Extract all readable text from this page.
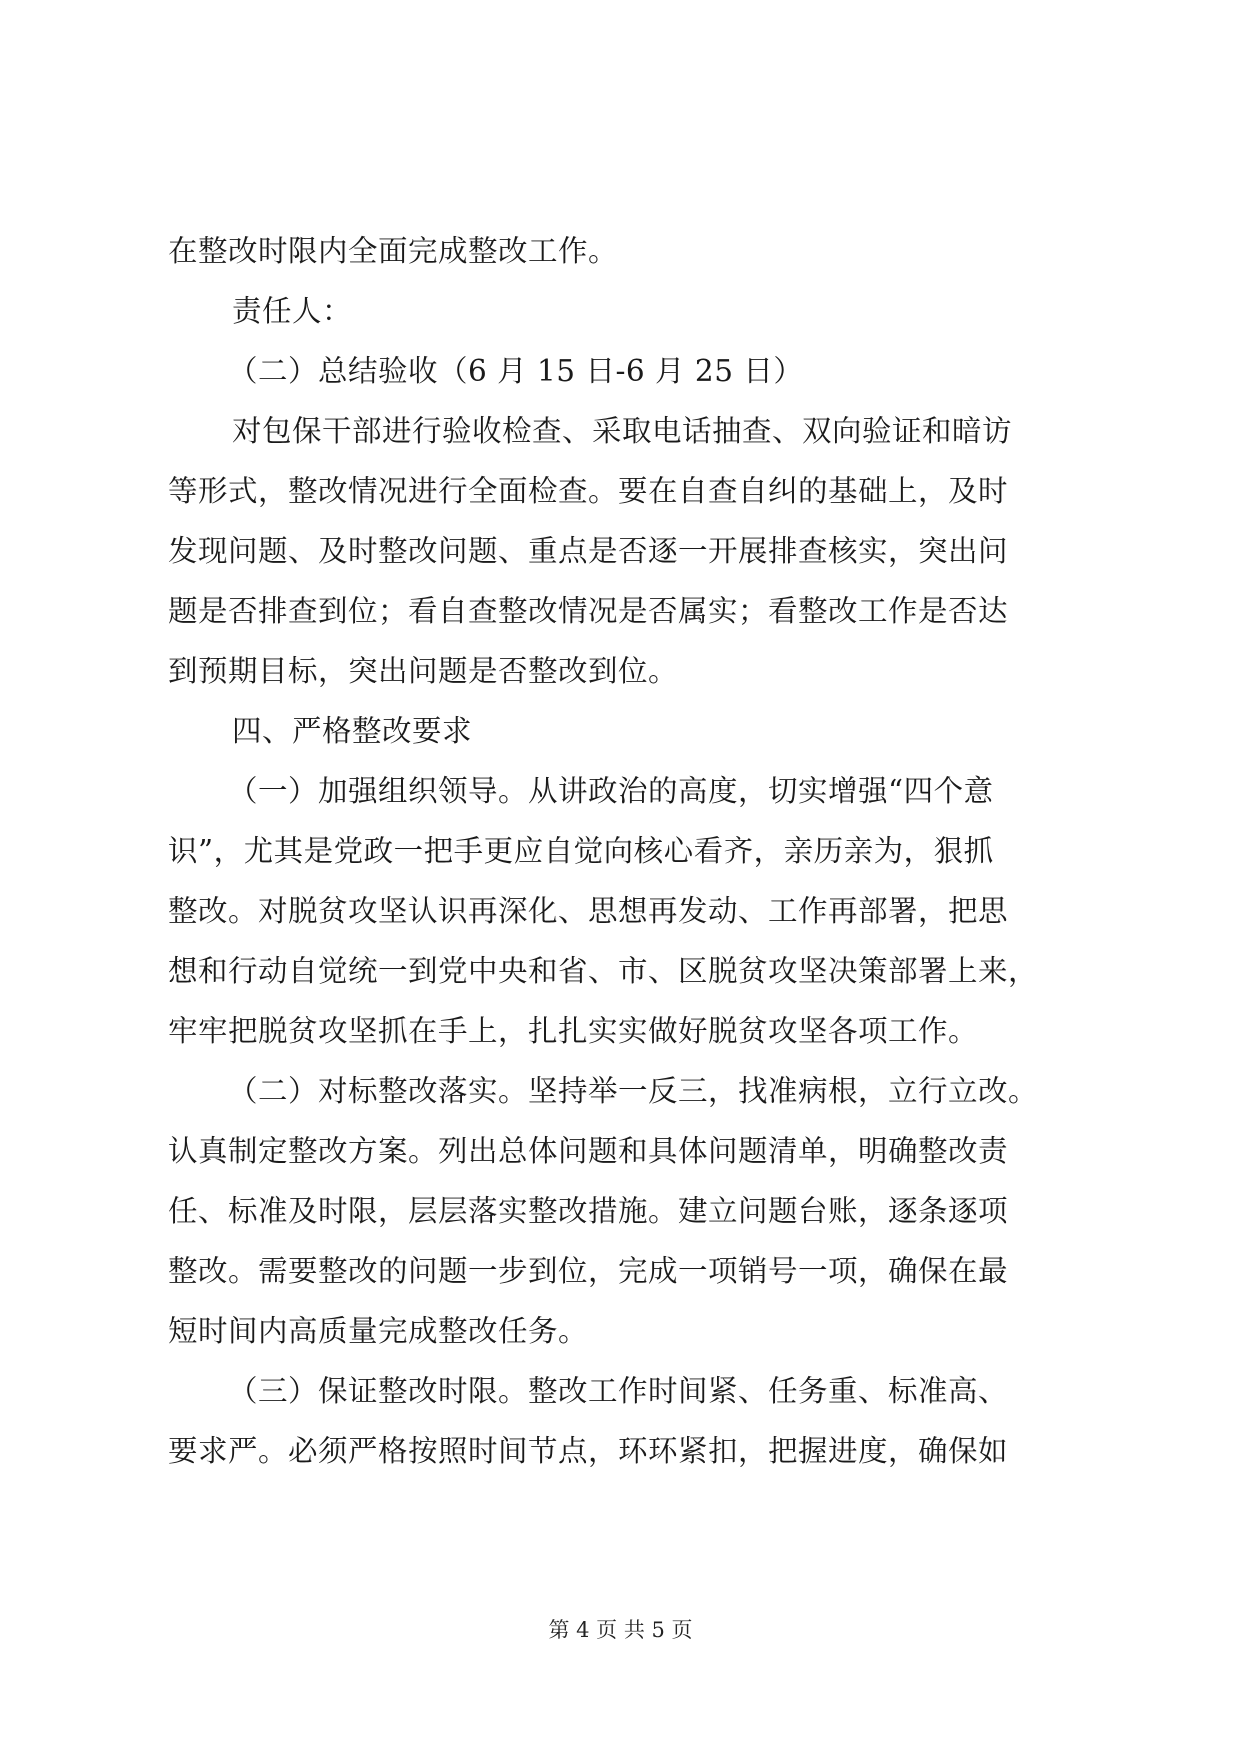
在整改时限内全面完成整改工作。
责任人：
（二）总结验收（6 月 15 日-6 月 25 日）
对包保干部进行验收检查、采取电话抽查、双向验证和暗访
等形式，整改情况进行全面检查。要在自查自纠的基础上，及时
发现问题、及时整改问题、重点是否逐一开展排查核实，突出问
题是否排查到位；看自查整改情况是否属实；看整改工作是否达
到预期目标，突出问题是否整改到位。
四、严格整改要求
（一）加强组织领导。从讲政治的高度，切实增强“四个意
识”，尤其是党政一把手更应自觉向核心看齐，亲历亲为，狠抓
整改。对脱贫攻坚认识再深化、思想再发动、工作再部署，把思
想和行动自觉统一到党中央和省、市、区脱贫攻坚决策部署上来，
牢牢把脱贫攻坚抓在手上，扎扎实实做好脱贫攻坚各项工作。
（二）对标整改落实。坚持举一反三，找准病根，立行立改。
认真制定整改方案。列出总体问题和具体问题清单，明确整改责
任、标准及时限，层层落实整改措施。建立问题台账，逐条逐项
整改。需要整改的问题一步到位，完成一项销号一项，确保在最
短时间内高质量完成整改任务。
（三）保证整改时限。整改工作时间紧、任务重、标准高、
要求严。必须严格按照时间节点，环环紧扣，把握进度，确保如
第 4 页 共 5 页
